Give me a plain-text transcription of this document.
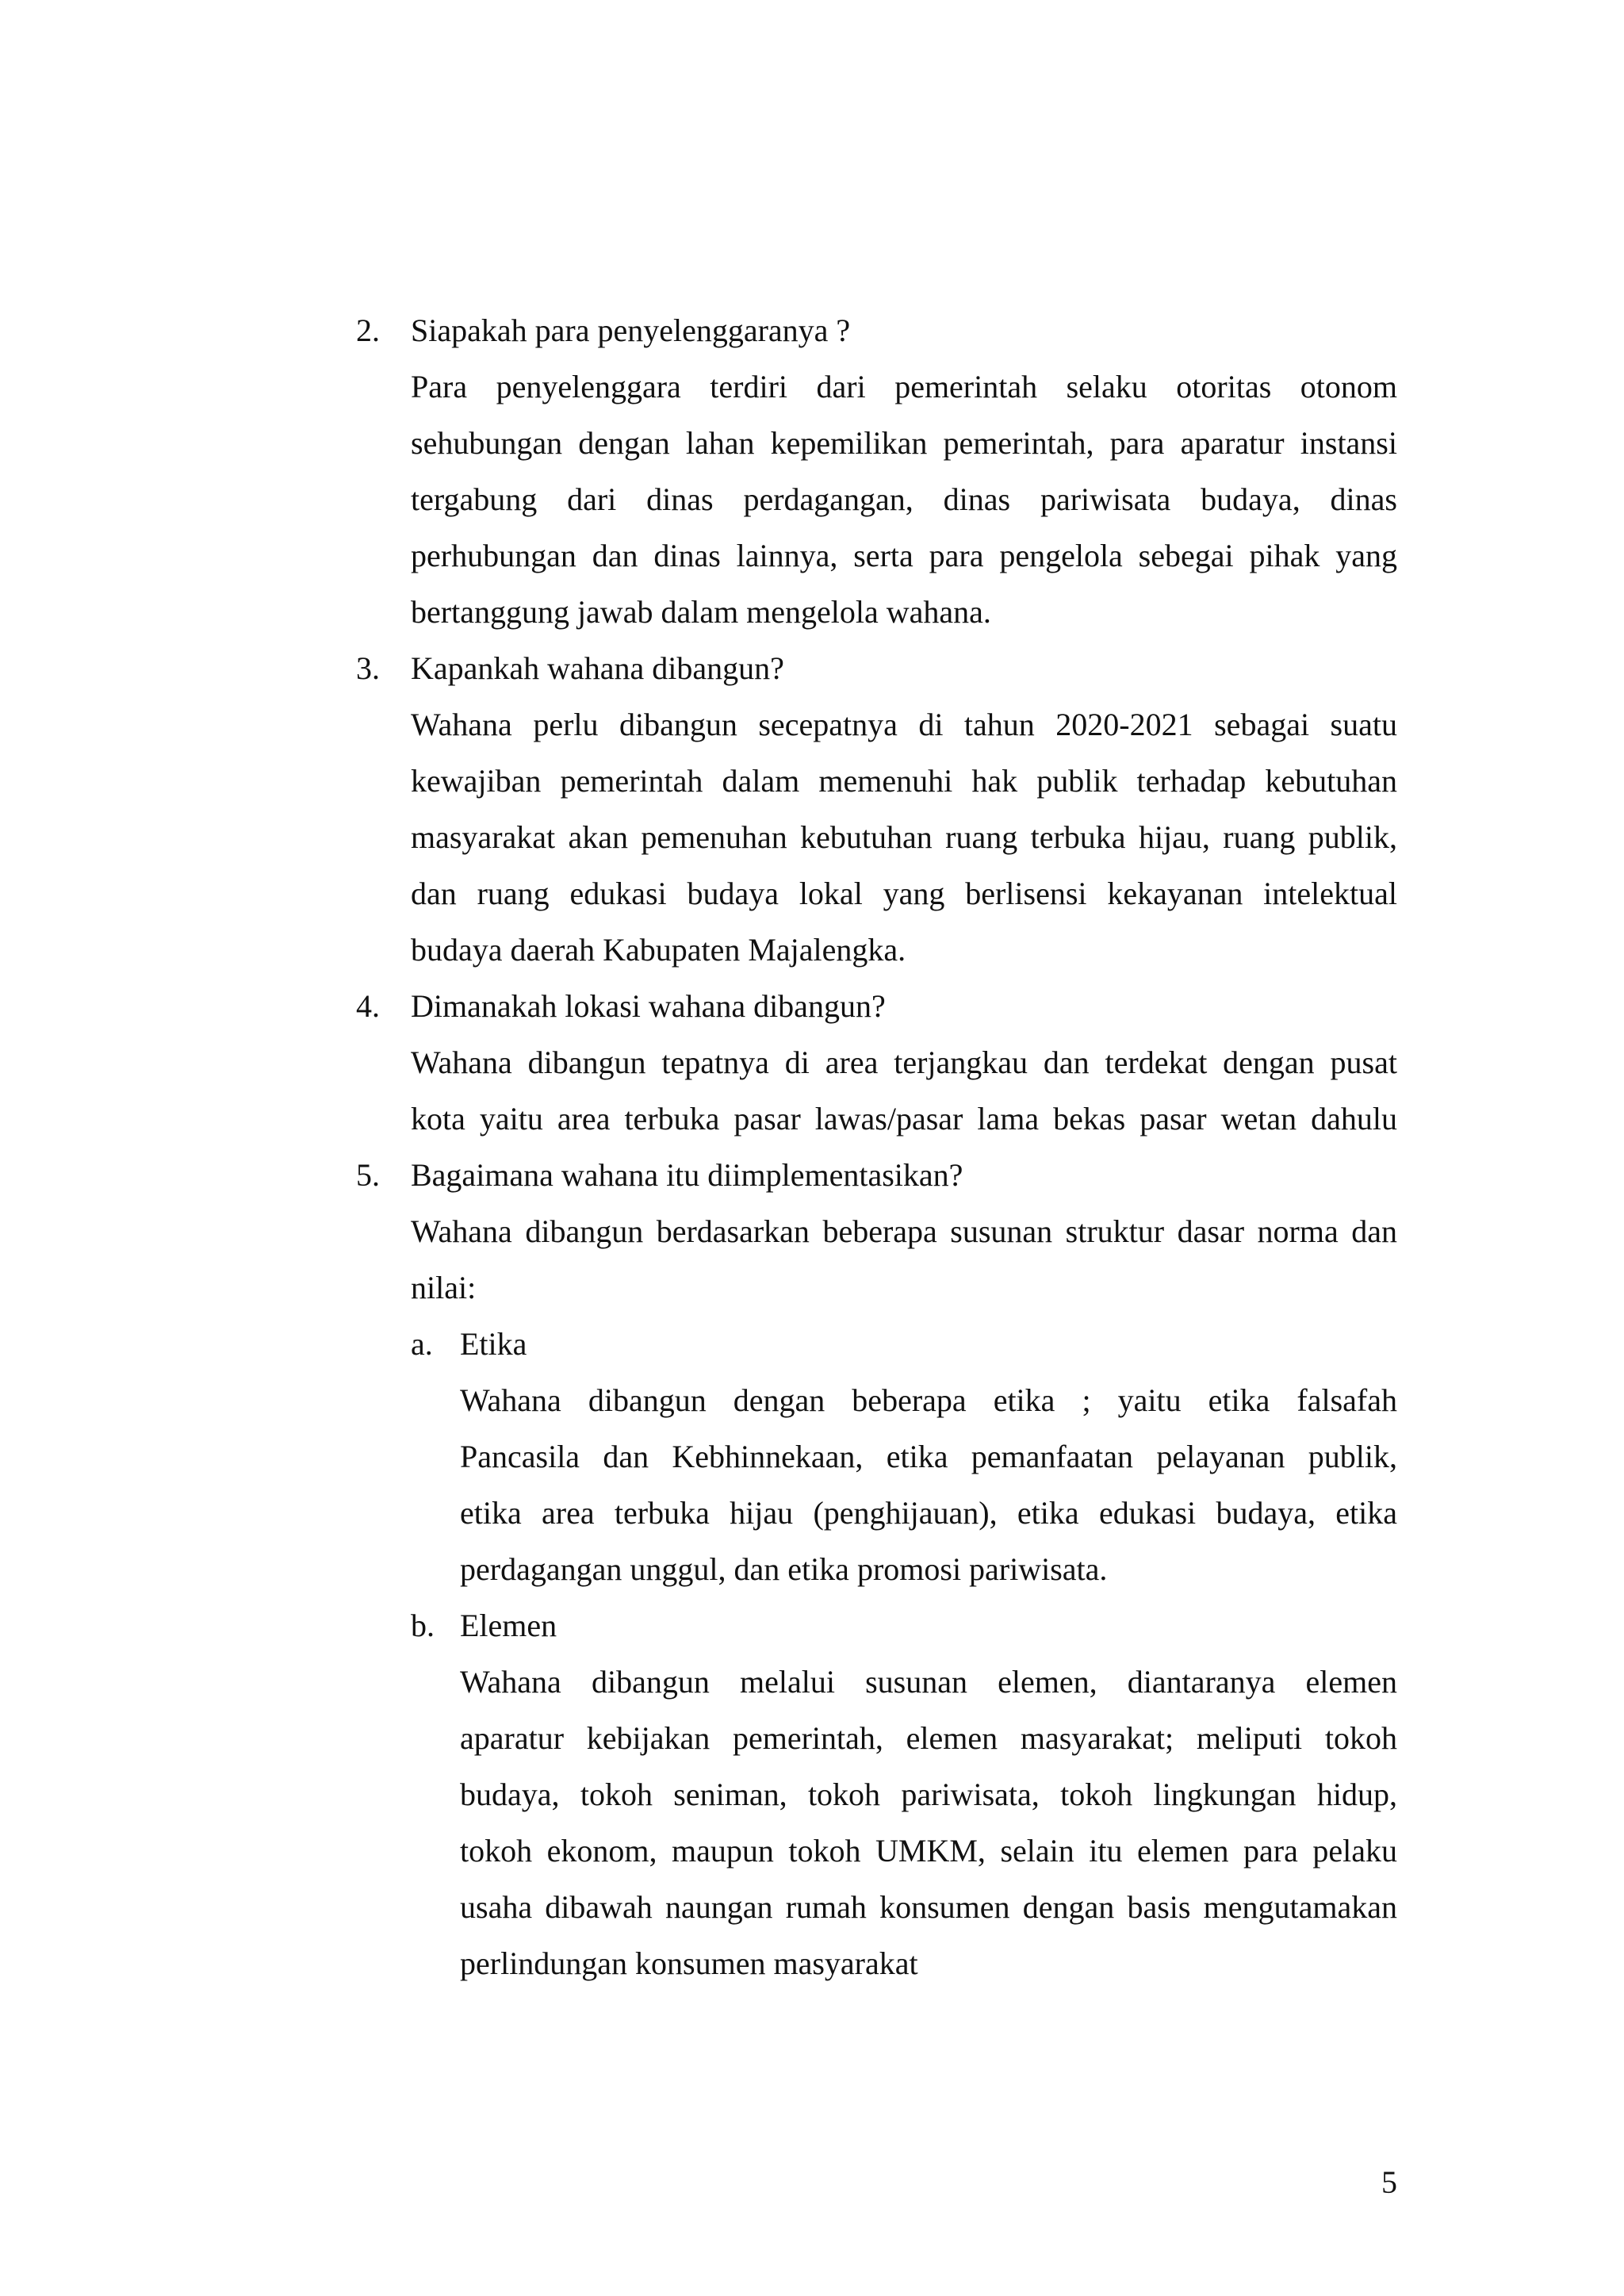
2. Siapakah para penyelenggaranya ?

Para penyelenggara terdiri dari pemerintah selaku otoritas otonom
sehubungan dengan lahan kepemilikan pemerintah, para aparatur instansi
tergabung dari dinas perdagangan, dinas pariwisata budaya, dinas
perhubungan dan dinas lainnya, serta para pengelola sebegai pihak yang
bertanggung jawab dalam mengelola wahana.

3. Kapankah wahana dibangun?

Wahana perlu dibangun secepatnya di tahun 2020-2021 sebagai suatu
kewajiban pemerintah dalam memenuhi hak publik terhadap kebutuhan
masyarakat akan pemenuhan kebutuhan ruang terbuka hijau, ruang publik,
dan ruang edukasi budaya lokal yang berlisensi kekayanan intelektual
budaya daerah Kabupaten Majalengka.

4. Dimanakah lokasi wahana dibangun?

Wahana dibangun tepatnya di area terjangkau dan terdekat dengan pusat
kota yaitu area terbuka pasar lawas/pasar lama bekas pasar wetan dahulu

5. Bagaimana wahana itu diimplementasikan?

Wahana dibangun berdasarkan beberapa susunan struktur dasar norma dan
nilai:

a. Etika

Wahana dibangun dengan beberapa etika ; yaitu etika falsafah
Pancasila dan Kebhinnekaan, etika pemanfaatan pelayanan publik,
etika area terbuka hijau (penghijauan), etika edukasi budaya, etika
perdagangan unggul, dan etika promosi pariwisata.

b. Elemen

Wahana dibangun melalui susunan elemen, diantaranya elemen
aparatur kebijakan pemerintah, elemen masyarakat; meliputi tokoh
budaya, tokoh seniman, tokoh pariwisata, tokoh lingkungan hidup,
tokoh ekonom, maupun tokoh UMKM, selain itu elemen para pelaku
usaha dibawah naungan rumah konsumen dengan basis mengutamakan
perlindungan konsumen masyarakat
5
